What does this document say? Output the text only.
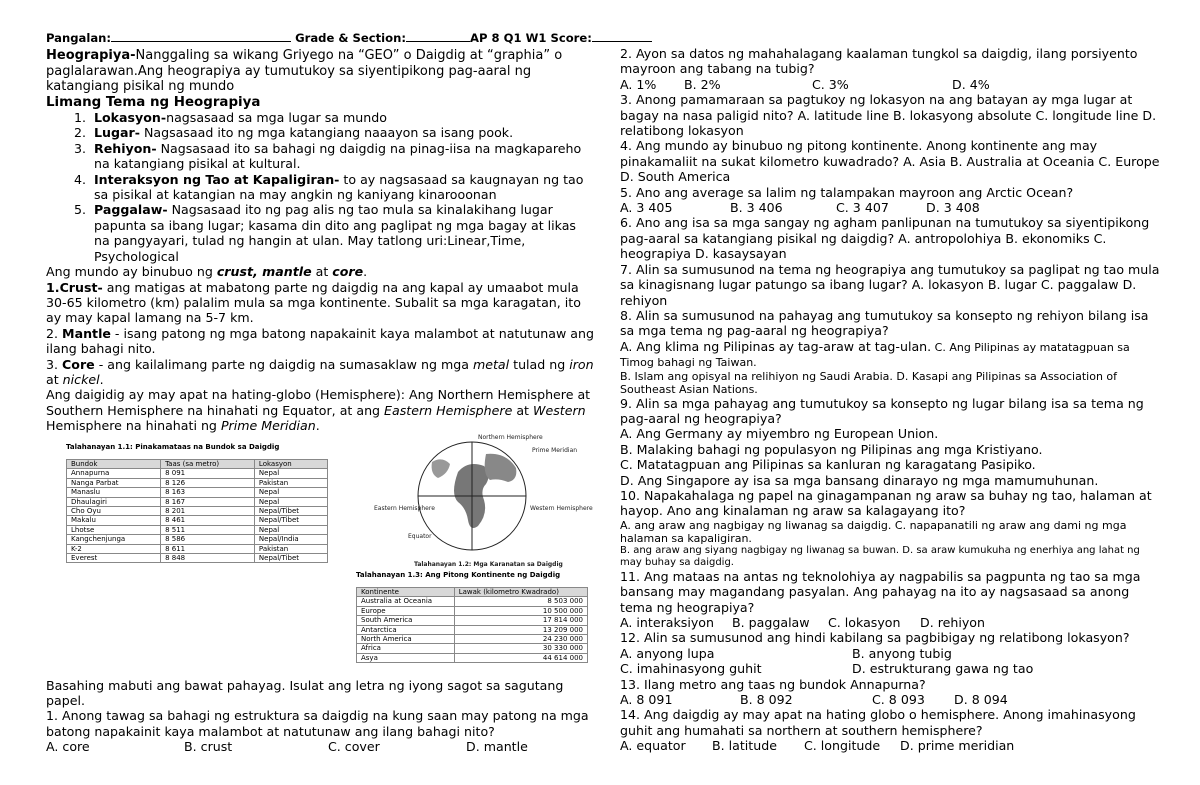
Pangalan:	Grade & Section:	AP 8 Q1 W1 Score:

Heograpiya-Nanggaling sa wikang Griyego na “GEO” o Daigdig at “graphia” o paglalarawan.Ang heograpiya ay tumutukoy sa siyentipikong pag-aaral ng katangiang pisikal ng mundo

Limang Tema ng Heograpiya

1. Lokasyon-nagsasaad sa mga lugar sa mundo
2. Lugar- Nagsasaad ito ng mga katangiang naaayon sa isang pook.
3. Rehiyon- Nagsasaad ito sa bahagi ng daigdig na pinag-iisa na magkapareho na katangiang pisikal at kultural.
4. Interaksyon ng Tao at Kapaligiran- to ay nagsasaad sa kaugnayan ng tao sa pisikal at katangian na may angkin ng kaniyang kinarooonan
5. Paggalaw- Nagsasaad ito ng pag alis ng tao mula sa kinalakihang lugar papunta sa ibang lugar; kasama din dito ang paglipat ng mga bagay at likas na pangyayari, tulad ng hangin at ulan. May tatlong uri:Linear,Time, Psychological

Ang mundo ay binubuo ng crust, mantle at core.

1.Crust- ang matigas at mabatong parte ng daigdig na ang kapal ay umaabot mula 30-65 kilometro (km) palalim mula sa mga kontinente. Subalit sa mga karagatan, ito ay may kapal lamang na 5-7 km.

2. Mantle - isang patong ng mga batong napakainit kaya malambot at natutunaw ang ilang bahagi nito.

3. Core - ang kailalimang parte ng daigdig na sumasaklaw ng mga metal tulad ng iron at nickel.

Ang daigidig ay may apat na hating-globo (Hemisphere): Ang Northern Hemisphere at Southern Hemisphere na hinahati ng Equator, at ang Eastern Hemisphere at Western Hemisphere na hinahati ng Prime Meridian.

Talahanayan 1.1: Pinakamataas na Bundok sa Daigdig
Bundok	Taas (sa metro)	Lokasyon
Annapurna	8 091	Nepal
Nanga Parbat	8 126	Pakistan
Manaslu	8 163	Nepal
Dhaulagiri	8 167	Nepal
Cho Oyu	8 201	Nepal/Tibet
Makalu	8 461	Nepal/Tibet
Lhotse	8 511	Nepal
Kangchenjunga	8 586	Nepal/India
K-2	8 611	Pakistan
Everest	8 848	Nepal/Tibet
Northern Hemisphere
Prime Meridian
Eastern Hemisphere	Western Hemisphere
Equator
Talahanayan 1.2: Mga Karanatan sa Daigdig
Talahanayan 1.3: Ang Pitong Kontinente ng Daigdig
Kontinente	Lawak (kilometro Kwadrado)
Australia at Oceania	8 503 000
Europe	10 500 000
South America	17 814 000
Antarctica	13 209 000
North America	24 230 000
Africa	30 330 000
Asya	44 614 000

Basahing mabuti ang bawat pahayag. Isulat ang letra ng iyong sagot sa sagutang papel.

1. Anong tawag sa bahagi ng estruktura sa daigdig na kung saan may patong na mga batong napakainit kaya malambot at natutunaw ang ilang bahagi nito?

A. core	B. crust	C. cover	D. mantle

2. Ayon sa datos ng mahahalagang kaalaman tungkol sa daigdig, ilang porsiyento mayroon ang tabang na tubig?

A. 1%	B. 2%	C. 3%	D. 4%

3. Anong pamamaraan sa pagtukoy ng lokasyon na ang batayan ay mga lugar at bagay na nasa paligid nito? A. latitude line B. lokasyong absolute C. longitude line D. relatibong lokasyon

4. Ang mundo ay binubuo ng pitong kontinente. Anong kontinente ang may pinakamaliit na sukat kilometro kuwadrado? A. Asia B. Australia at Oceania C. Europe D. South America

5. Ano ang average sa lalim ng talampakan mayroon ang Arctic Ocean?

A. 3 405	B. 3 406	C. 3 407	D. 3 408

6. Ano ang isa sa mga sangay ng agham panlipunan na tumutukoy sa siyentipikong pag-aaral sa katangiang pisikal ng daigdig? A. antropolohiya B. ekonomiks C. heograpiya D. kasaysayan

7. Alin sa sumusunod na tema ng heograpiya ang tumutukoy sa paglipat ng tao mula sa kinagisnang lugar patungo sa ibang lugar? A. lokasyon B. lugar C. paggalaw D. rehiyon

8. Alin sa sumusunod na pahayag ang tumutukoy sa konsepto ng rehiyon bilang isa sa mga tema ng pag-aaral ng heograpiya?

A. Ang klima ng Pilipinas ay tag-araw at tag-ulan. C. Ang Pilipinas ay matatagpuan sa Timog bahagi ng Taiwan.

B. Islam ang opisyal na relihiyon ng Saudi Arabia. D. Kasapi ang Pilipinas sa Association of Southeast Asian Nations.

9. Alin sa mga pahayag ang tumutukoy sa konsepto ng lugar bilang isa sa tema ng pag-aaral ng heograpiya?

A. Ang Germany ay miyembro ng European Union.

B. Malaking bahagi ng populasyon ng Pilipinas ang mga Kristiyano.

C. Matatagpuan ang Pilipinas sa kanluran ng karagatang Pasipiko.

D. Ang Singapore ay isa sa mga bansang dinarayo ng mga mamumuhunan.

10. Napakahalaga ng papel na ginagampanan ng araw sa buhay ng tao, halaman at hayop. Ano ang kinalaman ng araw sa kalagayang ito?

A. ang araw ang nagbigay ng liwanag sa daigdig. C. napapanatili ng araw ang dami ng mga halaman sa kapaligiran.

B. ang araw ang siyang nagbigay ng liwanag sa buwan. D. sa araw kumukuha ng enerhiya ang lahat ng may buhay sa daigdig.

11. Ang mataas na antas ng teknolohiya ay nagpabilis sa pagpunta ng tao sa mga bansang may magandang pasyalan. Ang pahayag na ito ay nagsasaad sa anong tema ng heograpiya?

A. interaksiyon	B. paggalaw	C. lokasyon	D. rehiyon

12. Alin sa sumusunod ang hindi kabilang sa pagbibigay ng relatibong lokasyon?

A. anyong lupa	B. anyong tubig
C. imahinasyong guhit	D. estrukturang gawa ng tao

13. Ilang metro ang taas ng bundok Annapurna?

A. 8 091	B. 8 092	C. 8 093	D. 8 094

14. Ang daigdig ay may apat na hating globo o hemisphere. Anong imahinasyong guhit ang humahati sa northern at southern hemisphere?

A. equator	B. latitude	C. longitude	D. prime meridian
